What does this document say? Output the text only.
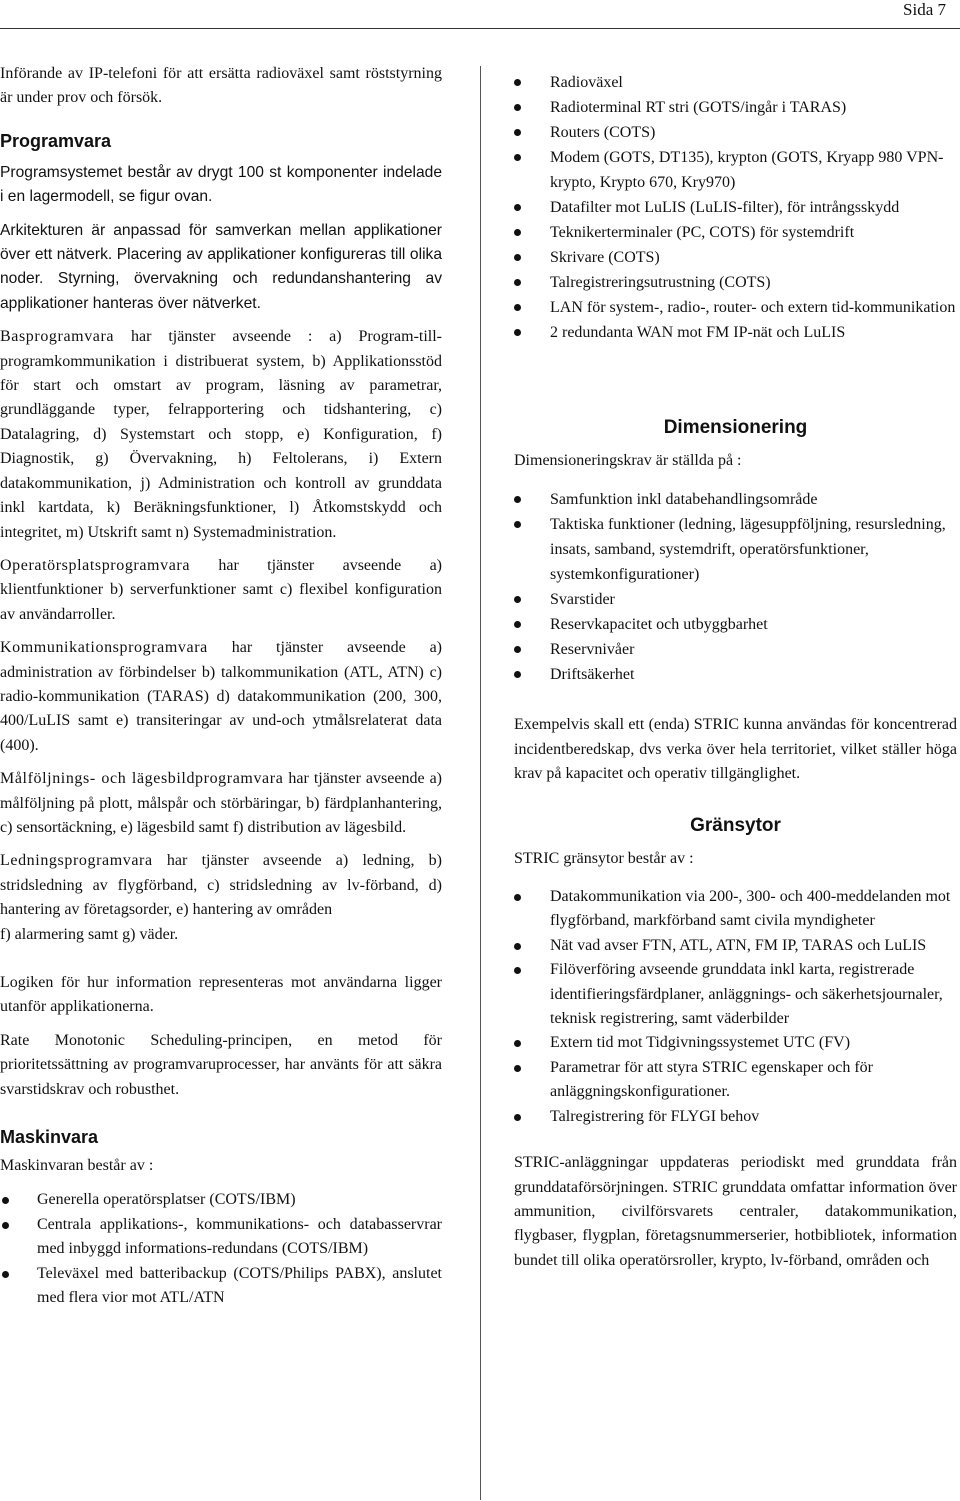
Sida 7

Införande av IP-telefoni för att ersätta radioväxel samt röststyrning är under prov och försök.

Programvara

Programsystemet består av drygt 100 st komponenter indelade i en lagermodell, se figur ovan.

Arkitekturen är anpassad för samverkan mellan applikationer över ett nätverk. Placering av applikationer konfigureras till olika noder. Styrning, övervakning och redundanshantering av applikationer hanteras över nätverket.

Basprogramvara har tjänster avseende : a) Program-till-programkommunikation i distribuerat system, b) Applikationsstöd för start och omstart av program, läsning av parametrar, grundläggande typer, felrapportering och tidshantering, c) Datalagring, d) Systemstart och stopp, e) Konfiguration, f) Diagnostik, g) Övervakning, h) Feltolerans, i) Extern datakommunikation, j) Administration och kontroll av grunddata inkl kartdata, k) Beräkningsfunktioner, l) Åtkomstskydd och integritet, m) Utskrift samt n) Systemadministration.

Operatörsplatsprogramvara har tjänster avseende a) klientfunktioner b) serverfunktioner samt c) flexibel konfiguration av användarroller.

Kommunikationsprogramvara har tjänster avseende a) administration av förbindelser b) talkommunikation (ATL, ATN) c) radio-kommunikation (TARAS) d) datakommunikation (200, 300, 400/LuLIS samt e) transiteringar av und-och ytmålsrelaterat data (400).

Målföljnings- och lägesbildprogramvara har tjänster avseende a) målföljning på plott, målspår och störbäringar, b) färdplanhantering, c) sensortäckning, e) lägesbild samt f) distribution av lägesbild.

Ledningsprogramvara har tjänster avseende a) ledning, b) stridsledning av flygförband, c) stridsledning av lv-förband, d) hantering av företagsorder, e) hantering av områden

f) alarmering samt g) väder.

Logiken för hur information representeras mot användarna ligger utanför applikationerna.

Rate Monotonic Scheduling-principen, en metod för prioritetssättning av programvaruprocesser, har använts för att säkra svarstidskrav och robusthet.

Maskinvara

Maskinvaran består av :

Generella operatörsplatser (COTS/IBM)
Centrala applikations-, kommunikations- och databasservrar med inbyggd informations-redundans (COTS/IBM)
Televäxel med batteribackup (COTS/Philips PABX), anslutet med flera vior mot ATL/ATN
Radioväxel
Radioterminal RT stri (GOTS/ingår i TARAS)
Routers (COTS)
Modem (GOTS, DT135), krypton (GOTS, Kryapp 980 VPN-krypto, Krypto 670, Kry970)
Datafilter mot LuLIS (LuLIS-filter), för intrångsskydd
Teknikerterminaler (PC, COTS) för systemdrift
Skrivare (COTS)
Talregistreringsutrustning (COTS)
LAN för system-, radio-, router- och extern tid-kommunikation
2 redundanta WAN mot FM IP-nät och LuLIS
Dimensionering

Dimensioneringskrav är ställda på :

Samfunktion inkl databehandlingsområde
Taktiska funktioner (ledning, lägesuppföljning, resursledning, insats, samband, systemdrift, operatörsfunktioner, systemkonfigurationer)
Svarstider
Reservkapacitet och utbyggbarhet
Reservnivåer
Driftsäkerhet

Exempelvis skall ett (enda) STRIC kunna användas för koncentrerad incidentberedskap, dvs verka över hela territoriet, vilket ställer höga krav på kapacitet och operativ tillgänglighet.

Gränsytor

STRIC gränsytor består av :

Datakommunikation via 200-, 300- och 400-meddelanden mot flygförband, markförband samt civila myndigheter
Nät vad avser FTN, ATL, ATN, FM IP, TARAS och LuLIS
Filöverföring avseende grunddata inkl karta, registrerade identifieringsfärdplaner, anläggnings- och säkerhetsjournaler, teknisk registrering, samt väderbilder
Extern tid mot Tidgivningssystemet UTC (FV)
Parametrar för att styra STRIC egenskaper och för anläggningskonfigurationer.
Talregistrering för FLYGI behov

STRIC-anläggningar uppdateras periodiskt med grunddata från grunddataförsörjningen. STRIC grunddata omfattar information över ammunition, civilförsvarets centraler, datakommunikation, flygbaser, flygplan, företagsnummerserier, hotbibliotek, information bundet till olika operatörsroller, krypto, lv-förband, områden och
